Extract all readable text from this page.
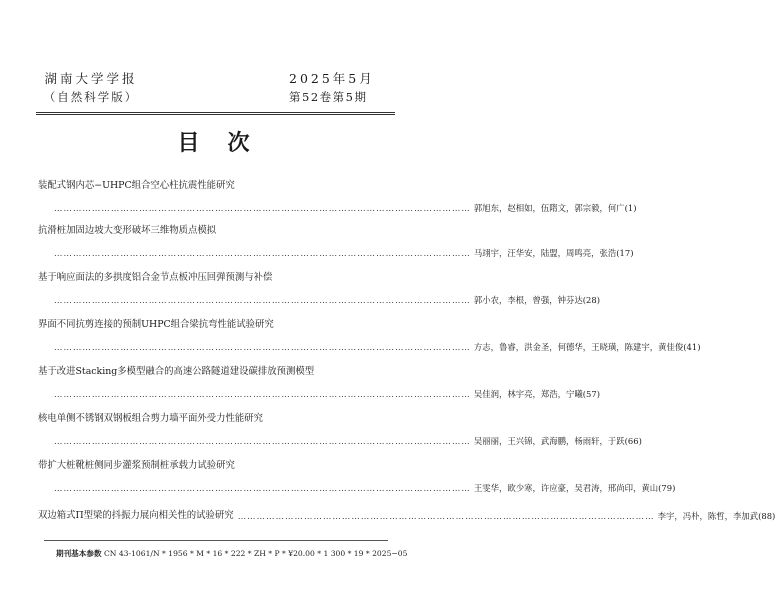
湖南大学学报
（自然科学版）
2025年5月
第52卷第5期
目次
装配式钢内芯−UHPC组合空心柱抗震性能研究
…………………………………………………………………………………………………………………… 郭旭东，赵相如，伍隋文，郭宗毅，何广(1)
抗滑桩加固边坡大变形破坏三维物质点模拟
…………………………………………………………………………………………………………………… 马翊宇，汪华安，陆盟，周鸣亮，张浩(17)
基于响应面法的多拱度铝合金节点板冲压回弹预测与补偿
…………………………………………………………………………………………………………………… 郭小农，李根，曾强，钟芬达(28)
界面不同抗剪连接的预制UHPC组合梁抗弯性能试验研究
…………………………………………………………………………………………………………………… 方志，鲁睿，洪金圣，何德华，王晓璜，陈建宇，黄佳俊(41)
基于改进Stacking多模型融合的高速公路隧道建设碳排放预测模型
…………………………………………………………………………………………………………………… 吴佳润，林宇亮，郑浩，宁曦(57)
核电单侧不锈钢双钢板组合剪力墙平面外受力性能研究
…………………………………………………………………………………………………………………… 吴丽丽，王兴锦，武海鹏，杨雨轩，于跃(66)
带扩大桩靴桩侧同步灌浆预制桩承载力试验研究
…………………………………………………………………………………………………………………… 王雯华，欧少寒，许应豪，吴君涛，邢尚印，黄山(79)
双边箱式Π型梁的抖振力展向相关性的试验研究 …………………………………………………………………………………………………………………… 李宇，冯朴，陈哲，李加武(88)
期刊基本参数 CN 43-1061/N * 1956 * M * 16 * 222 * ZH * P * ¥20.00 * 1 300 * 19 * 2025−05
